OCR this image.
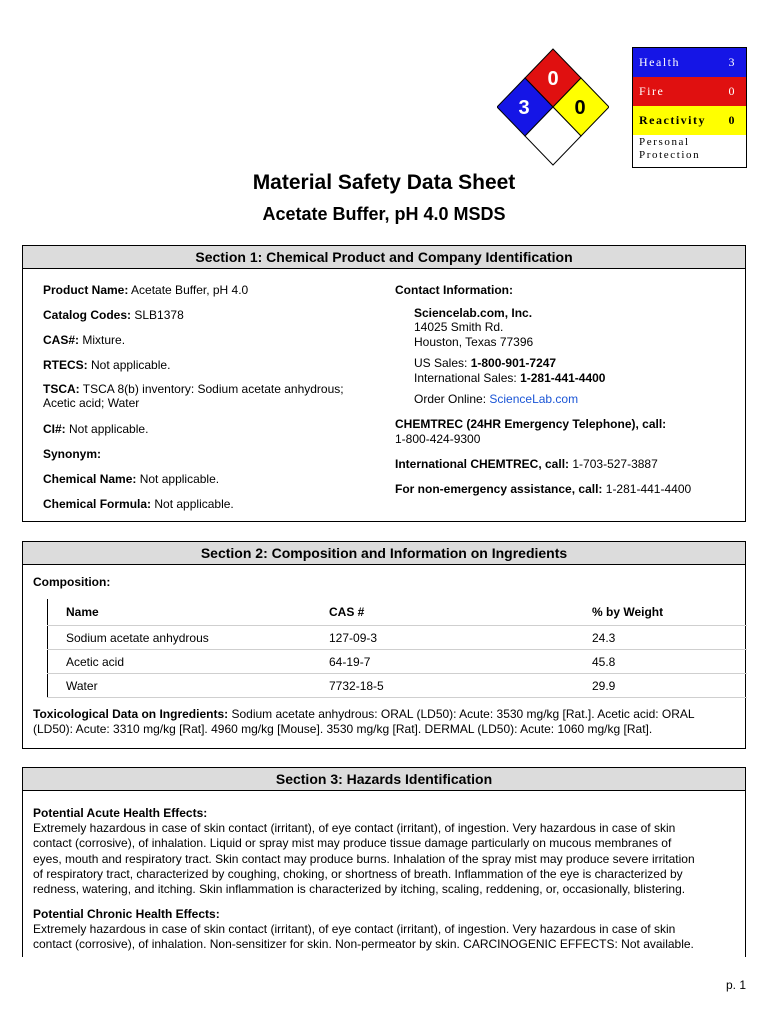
0
3 0
Health	3
Fire	0
Reactivity 0
Personal
Protection
Material Safety Data Sheet
Acetate Buffer, pH 4.0 MSDS
Section 1: Chemical Product and Company Identification
Product Name: Acetate Buffer, pH 4.0
Catalog Codes: SLB1378
CAS#: Mixture.
RTECS: Not applicable.
TSCA: TSCA 8(b) inventory: Sodium acetate anhydrous;
Acetic acid; Water
CI#: Not applicable.
Synonym:
Chemical Name: Not applicable.
Chemical Formula: Not applicable.
Contact Information:
Sciencelab.com, Inc.
14025 Smith Rd.
Houston, Texas 77396
US Sales: 1-800-901-7247
International Sales: 1-281-441-4400
Order Online: ScienceLab.com
CHEMTREC (24HR Emergency Telephone), call:
1-800-424-9300
International CHEMTREC, call: 1-703-527-3887
For non-emergency assistance, call: 1-281-441-4400
Section 2: Composition and Information on Ingredients
Composition:
Name	CAS #	% by Weight
Sodium acetate anhydrous	127-09-3	24.3
Acetic acid	64-19-7	45.8
Water	7732-18-5	29.9
Toxicological Data on Ingredients: Sodium acetate anhydrous: ORAL (LD50): Acute: 3530 mg/kg [Rat.]. Acetic acid: ORAL
(LD50): Acute: 3310 mg/kg [Rat]. 4960 mg/kg [Mouse]. 3530 mg/kg [Rat]. DERMAL (LD50): Acute: 1060 mg/kg [Rat].
Section 3: Hazards Identification
Potential Acute Health Effects:
Extremely hazardous in case of skin contact (irritant), of eye contact (irritant), of ingestion. Very hazardous in case of skin
contact (corrosive), of inhalation. Liquid or spray mist may produce tissue damage particularly on mucous membranes of
eyes, mouth and respiratory tract. Skin contact may produce burns. Inhalation of the spray mist may produce severe irritation
of respiratory tract, characterized by coughing, choking, or shortness of breath. Inflammation of the eye is characterized by
redness, watering, and itching. Skin inflammation is characterized by itching, scaling, reddening, or, occasionally, blistering.
Potential Chronic Health Effects:
Extremely hazardous in case of skin contact (irritant), of eye contact (irritant), of ingestion. Very hazardous in case of skin
contact (corrosive), of inhalation. Non-sensitizer for skin. Non-permeator by skin. CARCINOGENIC EFFECTS: Not available.
p. 1
